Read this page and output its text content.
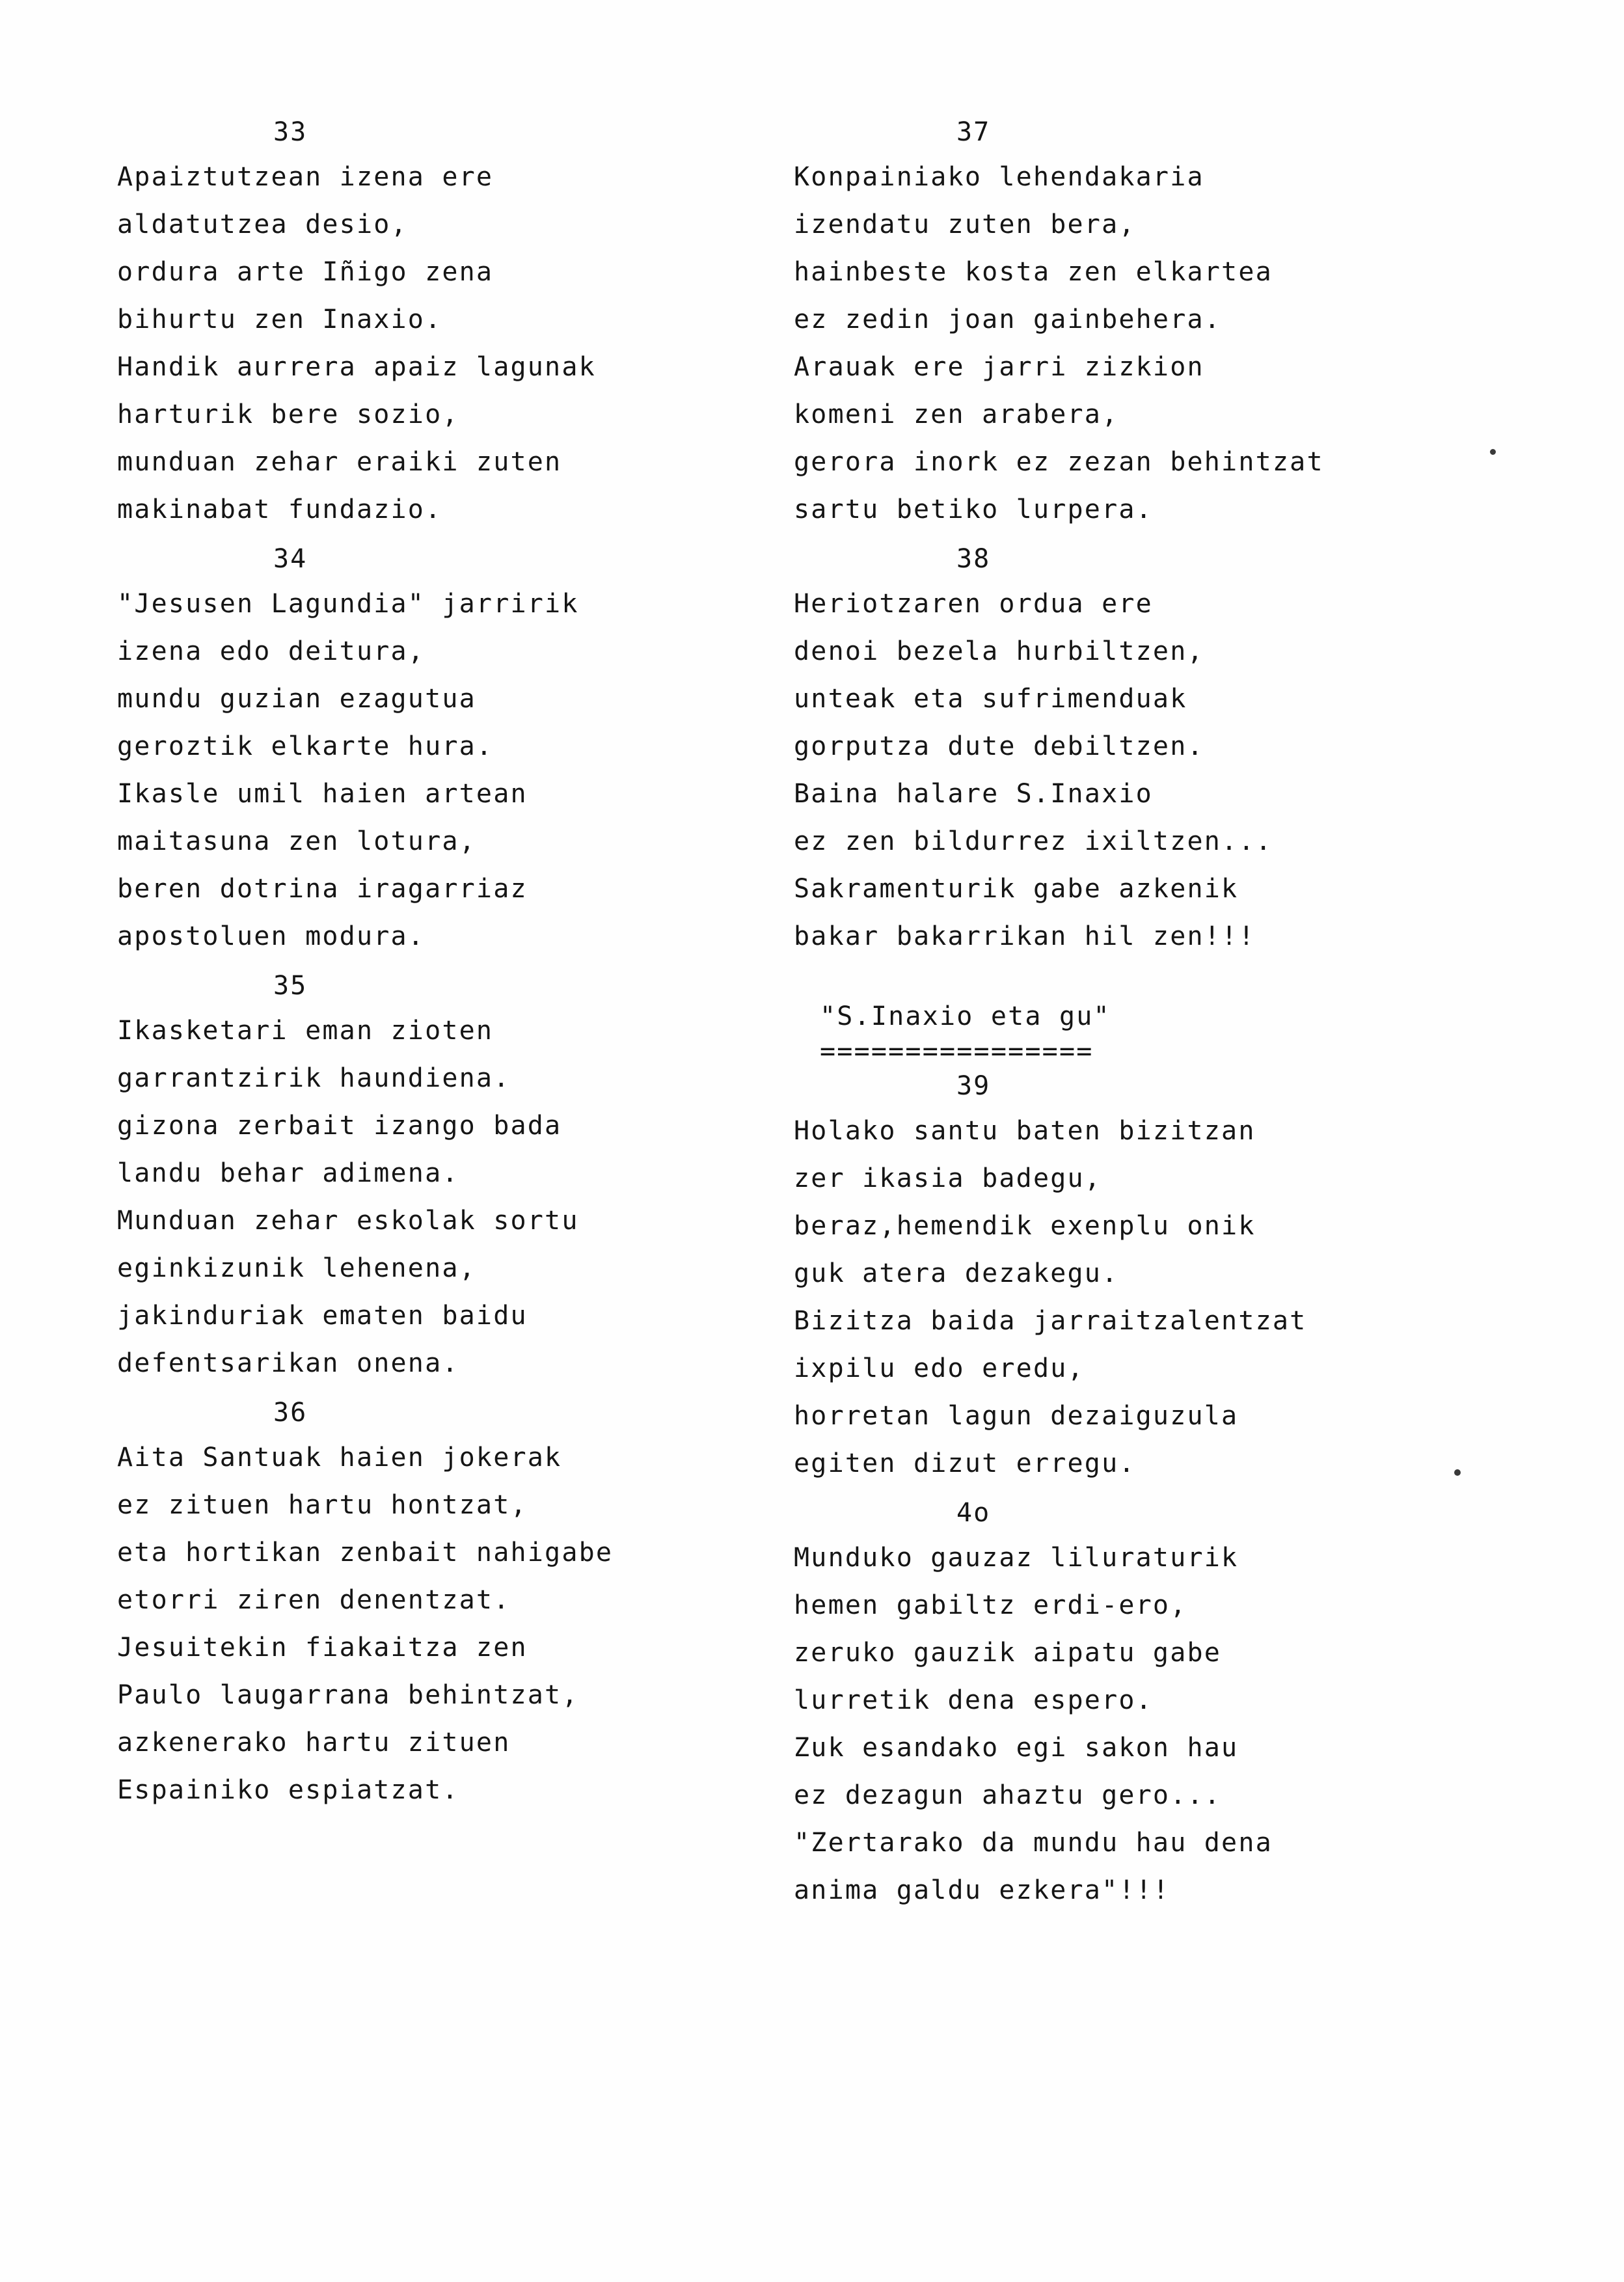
33
Apaiztutzean izena ere
aldatutzea desio,
ordura arte Iñigo zena
bihurtu zen Inaxio.
Handik aurrera apaiz lagunak
harturik bere sozio,
munduan zehar eraiki zuten
makinabat fundazio.
34
"Jesusen Lagundia" jarririk
izena edo deitura,
mundu guzian ezagutua
geroztik elkarte hura.
Ikasle umil haien artean
maitasuna zen lotura,
beren dotrina iragarriaz
apostoluen modura.
35
Ikasketari eman zioten
garrantzirik haundiena.
gizona zerbait izango bada
landu behar adimena.
Munduan zehar eskolak sortu
eginkizunik lehenena,
jakinduriak ematen baidu
defentsarikan onena.
36
Aita Santuak haien jokerak
ez zituen hartu hontzat,
eta hortikan zenbait nahigabe
etorri ziren denentzat.
Jesuitekin fiakaitza zen
Paulo laugarrana behintzat,
azkenerako hartu zituen
Espainiko espiatzat.
37
Konpainiako lehendakaria
izendatu zuten bera,
hainbeste kosta zen elkartea
ez zedin joan gainbehera.
Arauak ere jarri zizkion
komeni zen arabera,
gerora inork ez zezan behintzat
sartu betiko lurpera.
38
Heriotzaren ordua ere
denoi bezela hurbiltzen,
unteak eta sufrimenduak
gorputza dute debiltzen.
Baina halare S.Inaxio
ez zen bildurrez ixiltzen...
Sakramenturik gabe azkenik
bakar bakarrikan hil zen!!!
"S.Inaxio eta gu"
================
39
Holako santu baten bizitzan
zer ikasia badegu,
beraz,hemendik exenplu onik
guk atera dezakegu.
Bizitza baida jarraitzalentzat
ixpilu edo eredu,
horretan lagun dezaiguzula
egiten dizut erregu.
4o
Munduko gauzaz liluraturik
hemen gabiltz erdi-ero,
zeruko gauzik aipatu gabe
lurretik dena espero.
Zuk esandako egi sakon hau
ez dezagun ahaztu gero...
"Zertarako da mundu hau dena
anima galdu ezkera"!!!
